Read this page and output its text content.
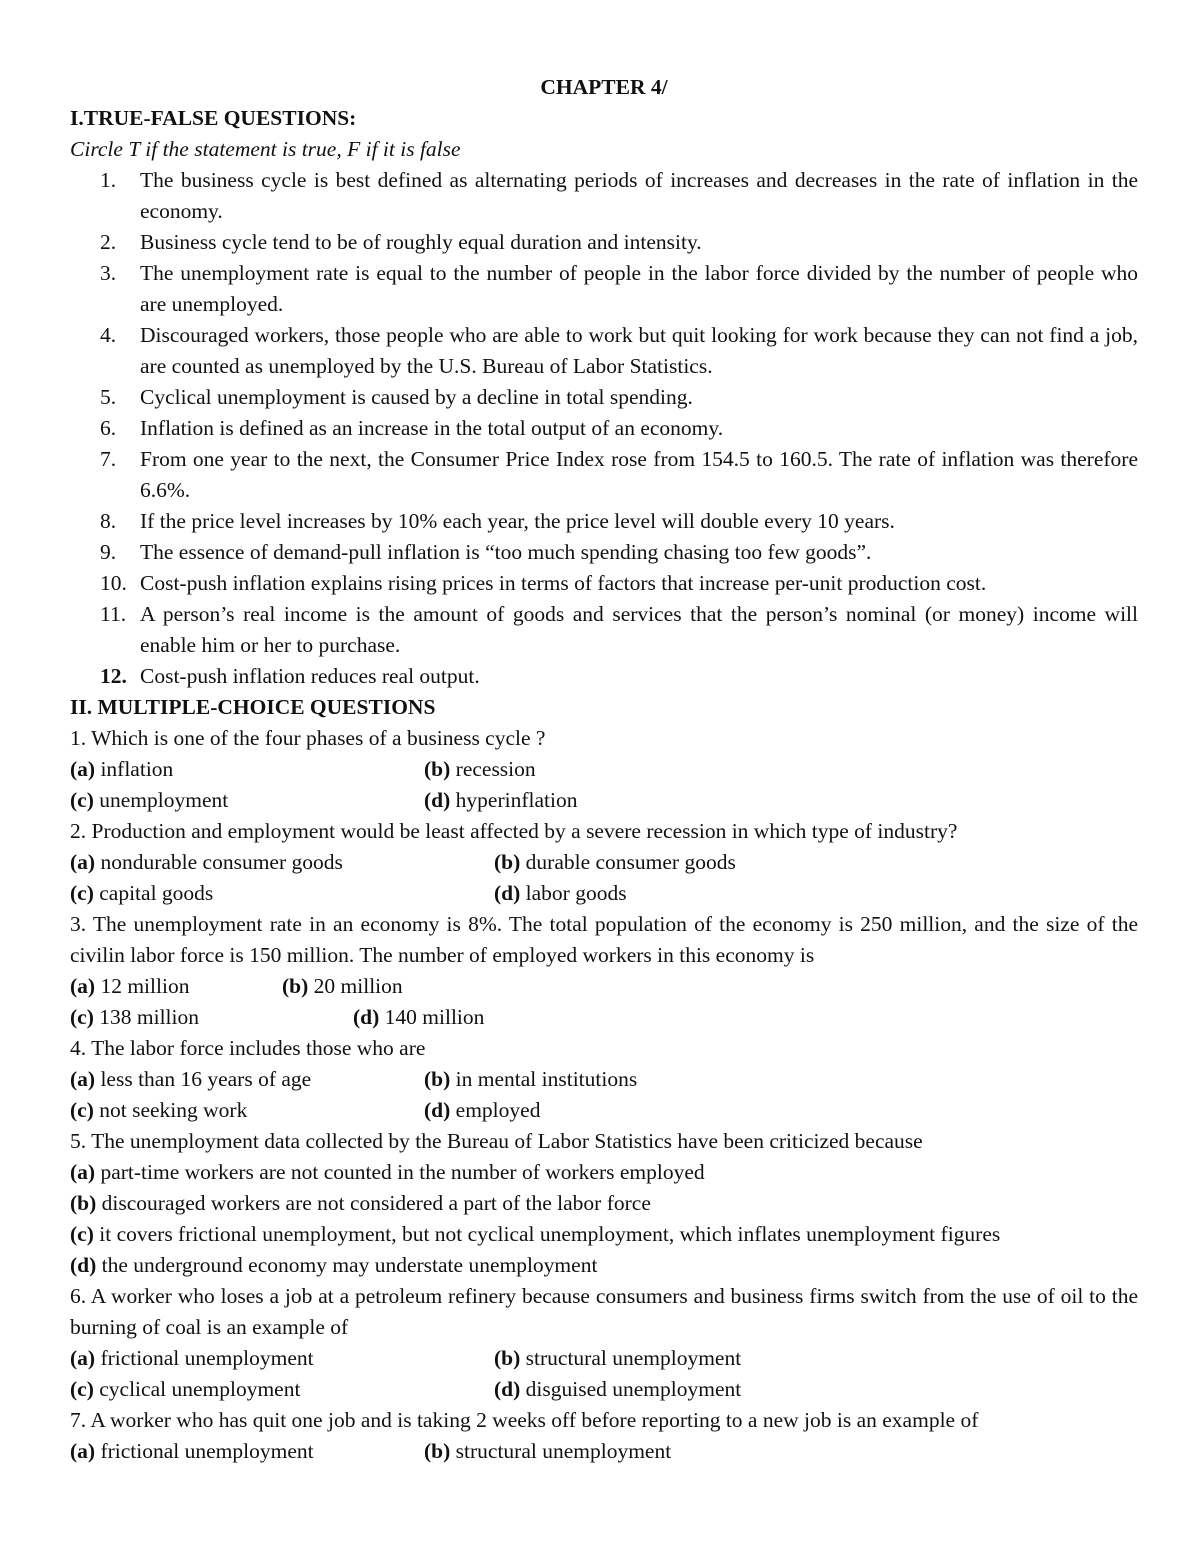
CHAPTER 4/
I.TRUE-FALSE QUESTIONS:
Circle T if the statement is true, F if it is false
1.	The business cycle is best defined as alternating periods of increases and decreases in the rate of inflation in the economy.
2.	Business cycle tend to be of roughly equal duration and intensity.
3.	The unemployment rate is equal to the number of people in the labor force divided by the number of people who are unemployed.
4.	Discouraged workers, those people who are able to work but quit looking for work because they can not find a job, are counted as unemployed by the U.S. Bureau of Labor Statistics.
5.	Cyclical unemployment is caused by a decline in total spending.
6.	Inflation is defined as an increase in the total output of an economy.
7.	From one year to the next, the Consumer Price Index rose from 154.5 to 160.5. The rate of inflation was therefore 6.6%.
8.	If the price level increases by 10% each year, the price level will double every 10 years.
9.	The essence of demand-pull inflation is “too much spending chasing too few goods”.
10. Cost-push inflation explains rising prices in terms of factors that increase per-unit production cost.
11. A person’s real income is the amount of goods and services that the person’s nominal (or money) income will enable him or her to purchase.
12. Cost-push inflation reduces real output.
II. MULTIPLE-CHOICE QUESTIONS
1. Which is one of the four phases of a business cycle ?
(a) inflation	(b) recession
(c) unemployment	(d) hyperinflation
2. Production and employment would be least affected by a severe recession in which type of industry?
(a) nondurable consumer goods	(b) durable consumer goods
(c) capital goods	(d) labor goods
3. The unemployment rate in an economy is 8%. The total population of the economy is 250 million, and the size of the civilin labor force is 150 million. The number of employed workers in this economy is
(a) 12 million	(b) 20 million
(c) 138 million	(d) 140 million
4. The labor force includes those who are
(a) less than 16 years of age	(b) in mental institutions
(c) not seeking work	(d) employed
5. The unemployment data collected by the Bureau of Labor Statistics have been criticized because
(a) part-time workers are not counted in the number of workers employed
(b) discouraged workers are not considered a part of the labor force
(c) it covers frictional unemployment, but not cyclical unemployment, which inflates unemployment figures
(d) the underground economy may understate unemployment
6. A worker who loses a job at a petroleum refinery because consumers and business firms switch from the use of oil to the burning of coal is an example of
(a) frictional unemployment	(b) structural unemployment
(c) cyclical unemployment	(d) disguised unemployment
7. A worker who has quit one job and is taking 2 weeks off before reporting to a new job is an example of
(a) frictional unemployment	(b) structural unemployment
